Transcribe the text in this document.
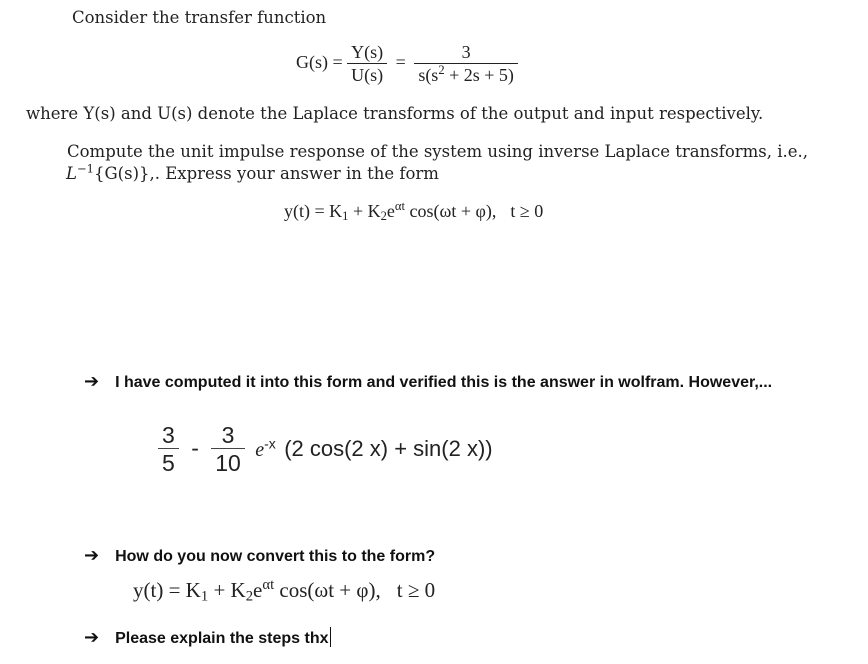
Consider the transfer function
$G(s) = \frac{Y(s)}{U(s)} = \frac{3}{s(s^2 + 2s + 5)}$
where Y(s) and U(s) denote the Laplace transforms of the output and input respectively.
Compute the unit impulse response of the system using inverse Laplace transforms, i.e.,
$L^{-1}\{G(s)\}$,. Express your answer in the form
$y(t) = K_1 + K_2e^{\alpha t}$ cos(ωt + φ), t ≥ 0
➔ I have computed it into this form and verified this is the answer in wolfram. However,...
$\frac{3}{5} - \frac{3}{10} e^{-x}$ (2 cos(2 x) + sin(2 x))
➔ How do you now convert this to the form?
$y(t) = K_1 + K_2e^{\alpha t}$ cos(ωt + φ), t ≥ 0
➔ Please explain the steps thx
